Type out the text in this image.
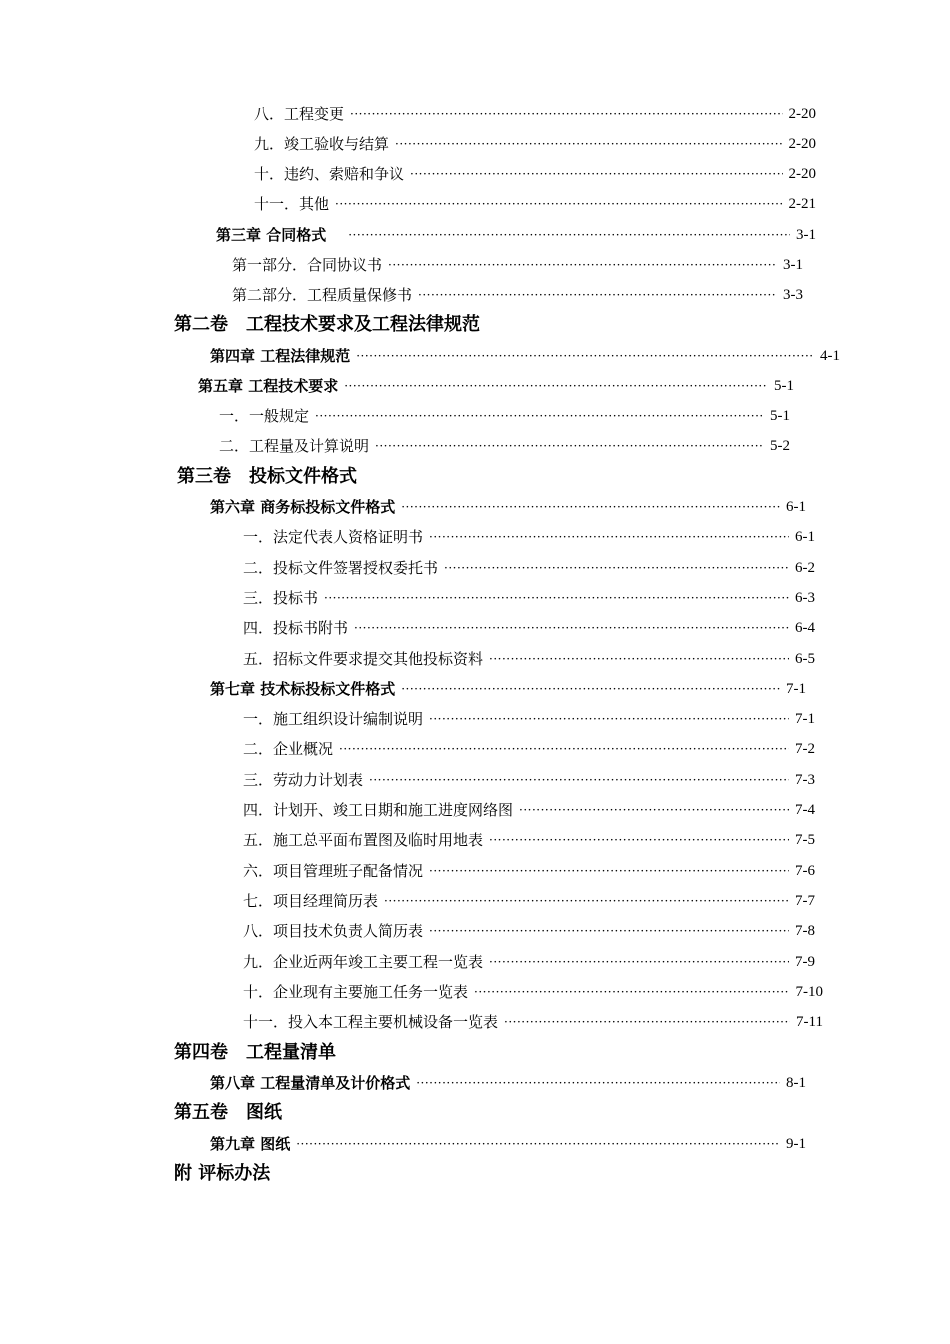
八．工程变更 ·····	2-20
九．竣工验收与结算 ·····	2-20
十．违约、索赔和争议 ·····	2-20
十一．其他 ·····	2-21
第三章 合同格式 ·····	3-1
第一部分．合同协议书 ·····	3-1
第二部分．工程质量保修书 ·····	3-3
第二卷　工程技术要求及工程法律规范
第四章 工程法律规范 ·····	4-1
第五章 工程技术要求 ·····	5-1
一．一般规定 ·····	5-1
二．工程量及计算说明 ·····	5-2
第三卷　投标文件格式
第六章 商务标投标文件格式 ·····	6-1
一．法定代表人资格证明书 ·····	6-1
二．投标文件签署授权委托书 ·····	6-2
三．投标书 ·····	6-3
四．投标书附书 ·····	6-4
五．招标文件要求提交其他投标资料 ·····	6-5
第七章 技术标投标文件格式 ·····	7-1
一．施工组织设计编制说明 ·····	7-1
二．企业概况 ·····	7-2
三．劳动力计划表 ·····	7-3
四．计划开、竣工日期和施工进度网络图 ·····	7-4
五．施工总平面布置图及临时用地表 ·····	7-5
六．项目管理班子配备情况 ·····	7-6
七．项目经理简历表 ·····	7-7
八．项目技术负责人简历表 ·····	7-8
九．企业近两年竣工主要工程一览表 ·····	7-9
十．企业现有主要施工任务一览表 ·····	7-10
十一．投入本工程主要机械设备一览表 ·····	7-11
第四卷　工程量清单
第八章 工程量清单及计价格式 ·····	8-1
第五卷　图纸
第九章 图纸 ·····	9-1
附 评标办法
